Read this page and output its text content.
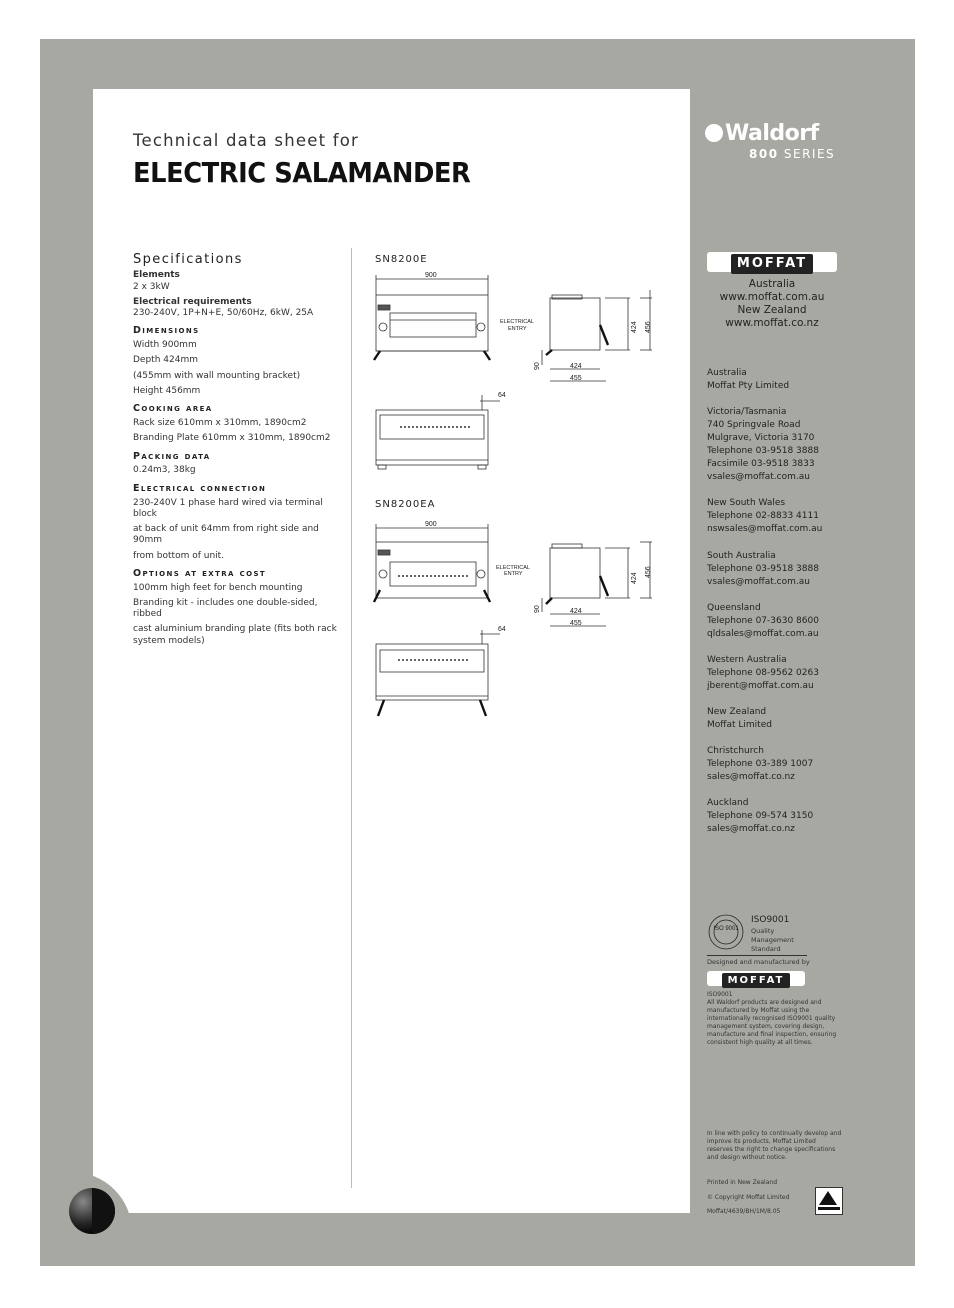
Technical data sheet for
ELECTRIC SALAMANDER
Specifications
Elements
2 x 3kW
Electrical requirements
230-240V, 1P+N+E, 50/60Hz, 6kW, 25A
Dimensions
Width 900mm
Depth 424mm
(455mm with wall mounting bracket)
Height 456mm
Cooking area
Rack size 610mm x 310mm, 1890cm2
Branding Plate 610mm x 310mm, 1890cm2
Packing data
0.24m3, 38kg
Electrical connection
230-240V 1 phase hard wired via terminal block
at back of unit 64mm from right side and 90mm
from bottom of unit.
Options at extra cost
100mm high feet for bench mounting
Branding kit - includes one double-sided, ribbed
cast aluminium branding plate (fits both rack system models)
SN8200E
SN8200EA
900
ELECTRICAL
ENTRY	424 456
90	424
455
64
900
ELECTRICAL
ENTRY	424
456
90	424
455
64
Waldorf
800 SERIES
MOFFAT
Australia
www.moffat.com.au
New Zealand
www.moffat.co.nz
Australia
Moffat Pty Limited
Victoria/Tasmania
740 Springvale Road
Mulgrave, Victoria 3170
Telephone 03-9518 3888
Facsimile 03-9518 3833
vsales@moffat.com.au
New South Wales
Telephone 02-8833 4111
nswsales@moffat.com.au
South Australia
Telephone 03-9518 3888
vsales@moffat.com.au
Queensland
Telephone 07-3630 8600
qldsales@moffat.com.au
Western Australia
Telephone 08-9562 0263
jberent@moffat.com.au
New Zealand
Moffat Limited
Christchurch
Telephone 03-389 1007
sales@moffat.co.nz
Auckland
Telephone 09-574 3150
sales@moffat.co.nz
ISO 9001
ISO9001
Quality
Management
Standard
Designed and manufactured by
MOFFAT
ISO9001
All Waldorf products are designed and manufactured by Moffat using the internationally recognised ISO9001 quality management system, covering design, manufacture and final inspection, ensuring consistent high quality at all times.
In line with policy to continually develop and improve its products, Moffat Limited reserves the right to change specifications and design without notice.
Printed in New Zealand
© Copyright Moffat Limited
Moffat/4639/BH/1M/8.05
